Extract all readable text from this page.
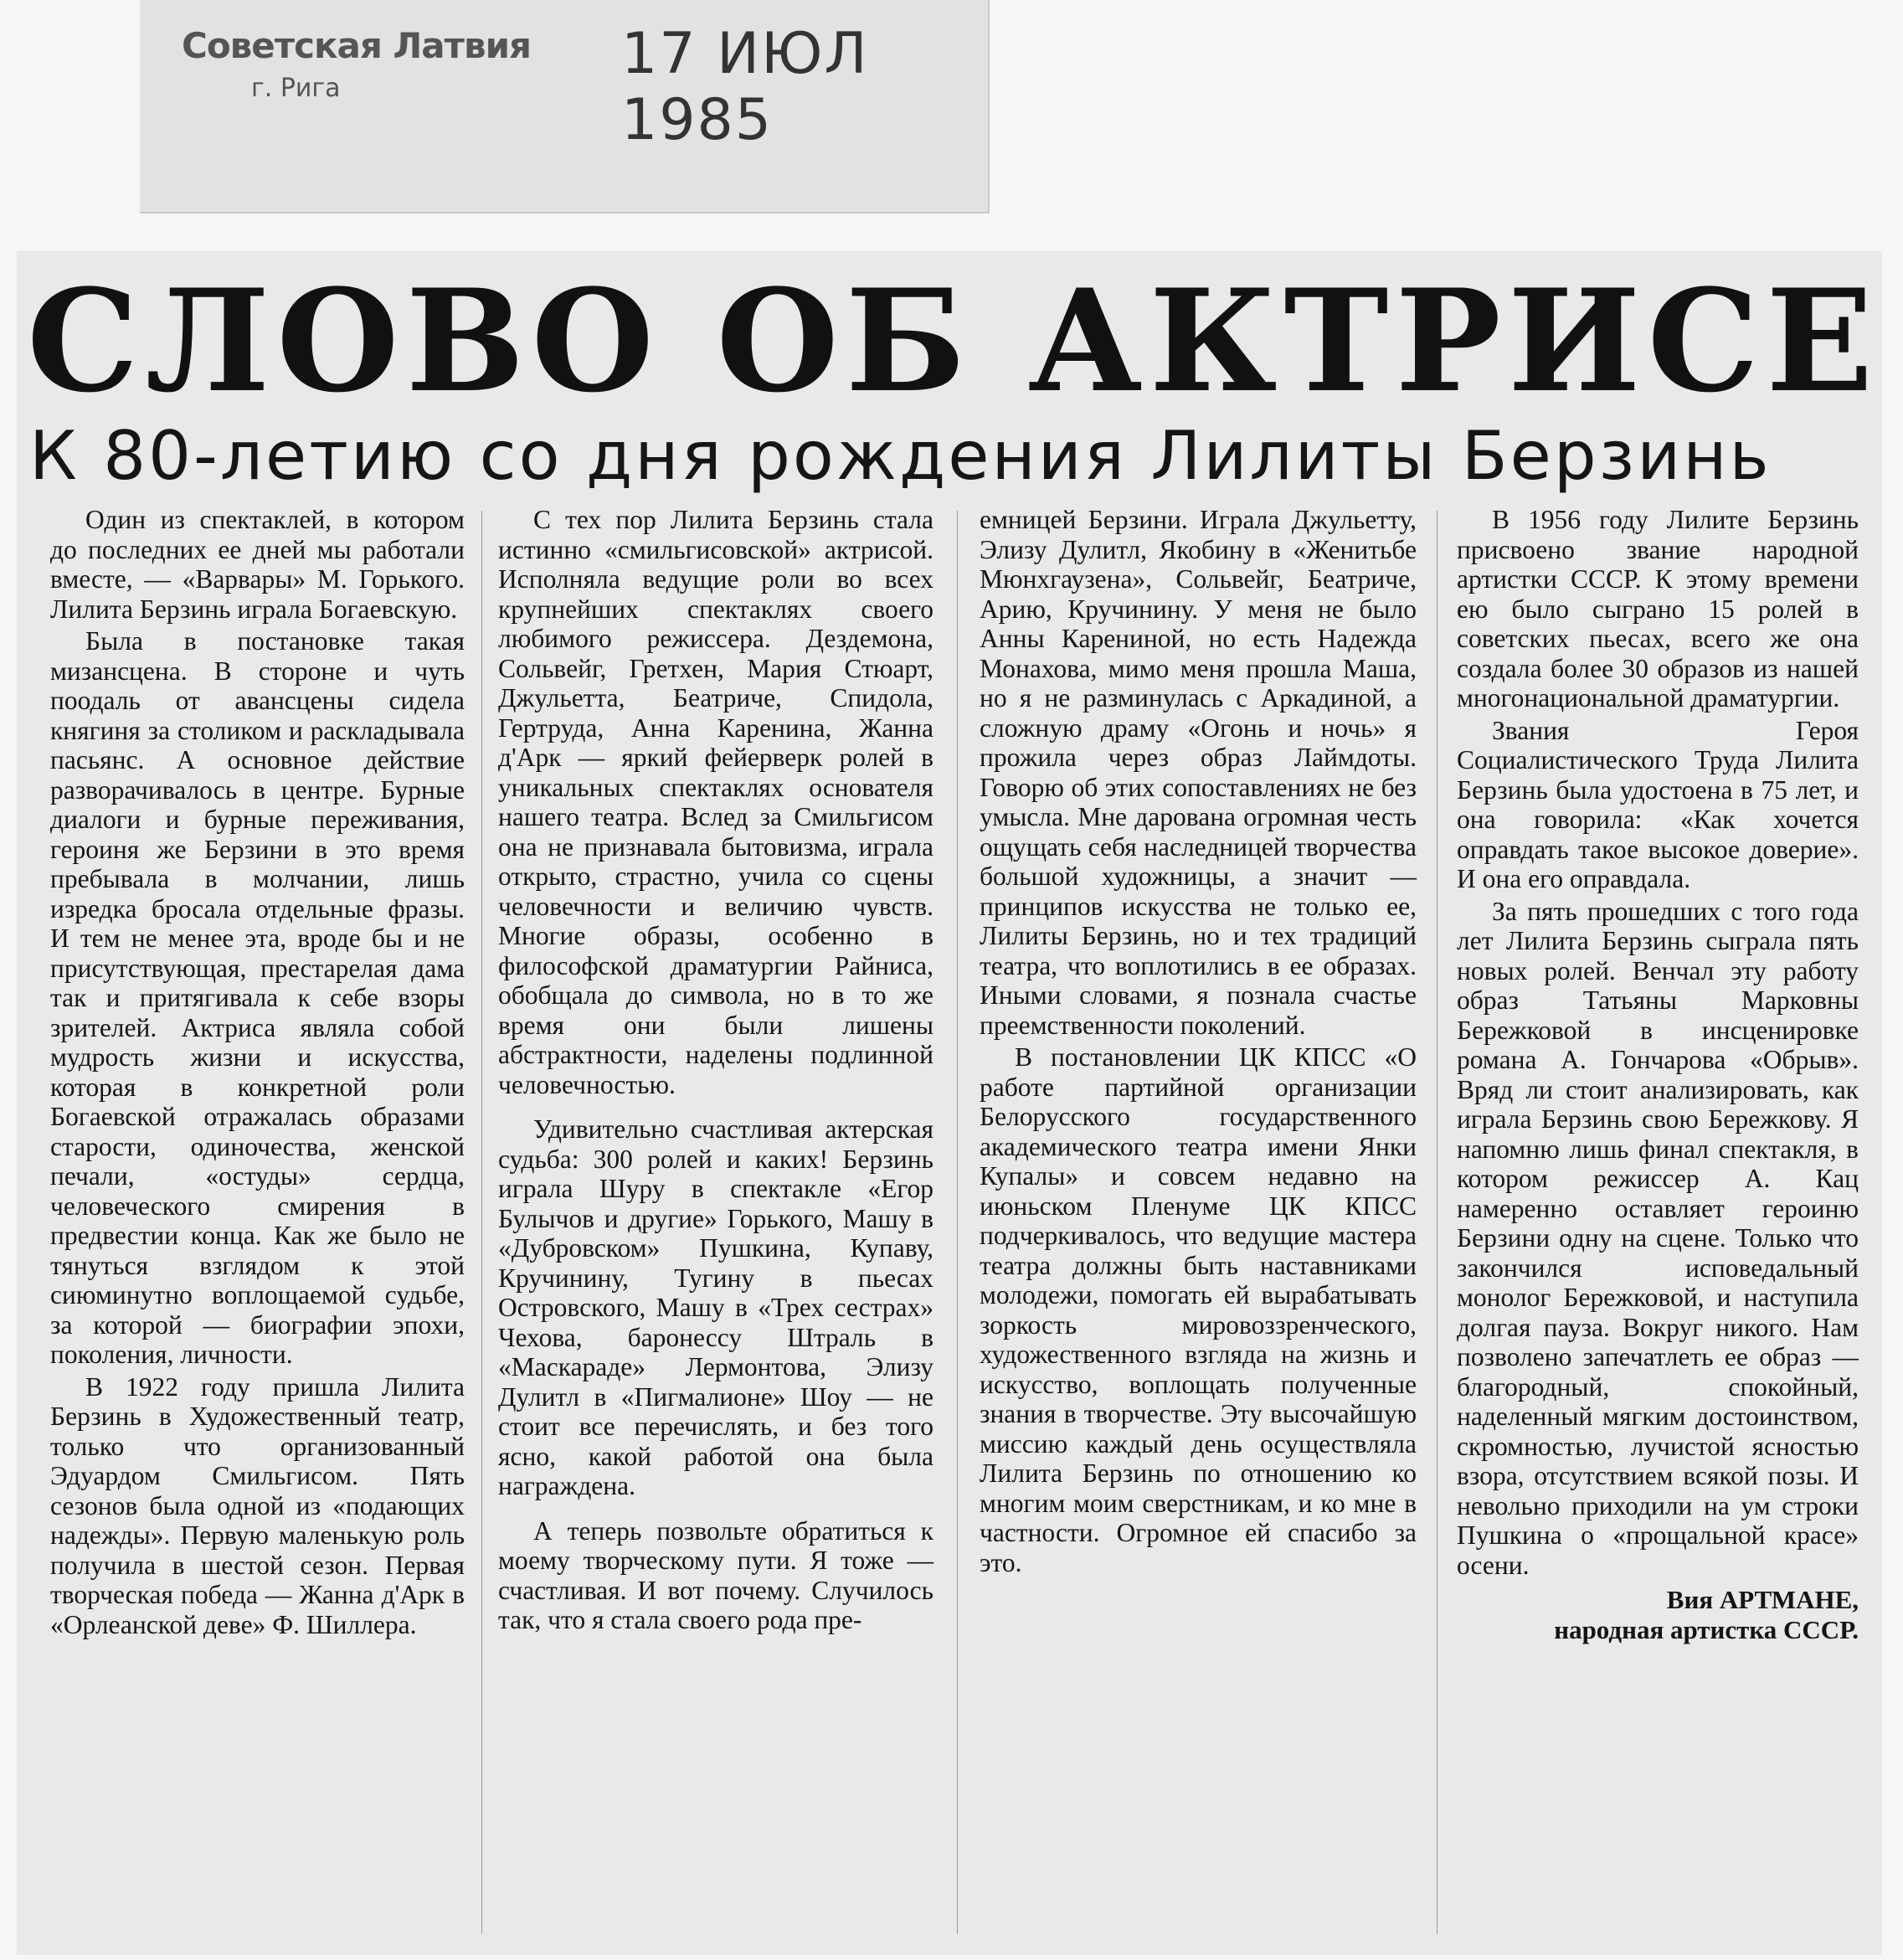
Советская Латвия
г. Рига
17 ИЮЛ 1985
СЛОВО ОБ АКТРИСЕ
К 80-летию со дня рождения Лилиты Берзинь

Один из спектаклей, в котором до последних ее дней мы работали вместе, — «Варвары» М. Горького. Лилита Берзинь играла Богаевскую.

Была в постановке такая мизансцена. В стороне и чуть поодаль от авансцены сидела княгиня за столиком и раскладывала пасьянс. А основное действие разворачивалось в центре. Бурные диалоги и бурные переживания, героиня же Берзини в это время пребывала в молчании, лишь изредка бросала отдельные фразы. И тем не менее эта, вроде бы и не присутствующая, престарелая дама так и притягивала к себе взоры зрителей. Актриса являла собой мудрость жизни и искусства, которая в конкретной роли Богаевской отражалась образами старости, одиночества, женской печали, «остуды» сердца, человеческого смирения в предвестии конца. Как же было не тянуться взглядом к этой сиюминутно воплощаемой судьбе, за которой — биографии эпохи, поколения, личности.

В 1922 году пришла Лилита Берзинь в Художественный театр, только что организованный Эдуардом Смильгисом. Пять сезонов была одной из «подающих надежды». Первую маленькую роль получила в шестой сезон. Первая творческая победа — Жанна д'Арк в «Орлеанской деве» Ф. Шиллера.

С тех пор Лилита Берзинь стала истинно «смильгисовской» актрисой. Исполняла ведущие роли во всех крупнейших спектаклях своего любимого режиссера. Дездемона, Сольвейг, Гретхен, Мария Стюарт, Джульетта, Беатриче, Спидола, Гертруда, Анна Каренина, Жанна д'Арк — яркий фейерверк ролей в уникальных спектаклях основателя нашего театра. Вслед за Смильгисом она не признавала бытовизма, играла открыто, страстно, учила со сцены человечности и величию чувств. Многие образы, особенно в философской драматургии Райниса, обобщала до символа, но в то же время они были лишены абстрактности, наделены подлинной человечностью.

Удивительно счастливая актерская судьба: 300 ролей и каких! Берзинь играла Шуру в спектакле «Егор Булычов и другие» Горького, Машу в «Дубровском» Пушкина, Купаву, Кручинину, Тугину в пьесах Островского, Машу в «Трех сестрах» Чехова, баронессу Штраль в «Маскараде» Лермонтова, Элизу Дулитл в «Пигмалионе» Шоу — не стоит все перечислять, и без того ясно, какой работой она была награждена.

А теперь позвольте обратиться к моему творческому пути. Я тоже — счастливая. И вот почему. Случилось так, что я стала своего рода пре-

емницей Берзини. Играла Джульетту, Элизу Дулитл, Якобину в «Женитьбе Мюнхгаузена», Сольвейг, Беатриче, Арию, Кручинину. У меня не было Анны Карениной, но есть Надежда Монахова, мимо меня прошла Маша, но я не разминулась с Аркадиной, а сложную драму «Огонь и ночь» я прожила через образ Лаймдоты. Говорю об этих сопоставлениях не без умысла. Мне дарована огромная честь ощущать себя наследницей творчества большой художницы, а значит — принципов искусства не только ее, Лилиты Берзинь, но и тех традиций театра, что воплотились в ее образах. Иными словами, я познала счастье преемственности поколений.

В постановлении ЦК КПСС «О работе партийной организации Белорусского государственного академического театра имени Янки Купалы» и совсем недавно на июньском Пленуме ЦК КПСС подчеркивалось, что ведущие мастера театра должны быть наставниками молодежи, помогать ей вырабатывать зоркость мировоззренческого, художественного взгляда на жизнь и искусство, воплощать полученные знания в творчестве. Эту высочайшую миссию каждый день осуществляла Лилита Берзинь по отношению ко многим моим сверстникам, и ко мне в частности. Огромное ей спасибо за это.

В 1956 году Лилите Берзинь присвоено звание народной артистки СССР. К этому времени ею было сыграно 15 ролей в советских пьесах, всего же она создала более 30 образов из нашей многонациональной драматургии.

Звания Героя Социалистического Труда Лилита Берзинь была удостоена в 75 лет, и она говорила: «Как хочется оправдать такое высокое доверие». И она его оправдала.

За пять прошедших с того года лет Лилита Берзинь сыграла пять новых ролей. Венчал эту работу образ Татьяны Марковны Бережковой в инсценировке романа А. Гончарова «Обрыв». Вряд ли стоит анализировать, как играла Берзинь свою Бережкову. Я напомню лишь финал спектакля, в котором режиссер А. Кац намеренно оставляет героиню Берзини одну на сцене. Только что закончился исповедальный монолог Бережковой, и наступила долгая пауза. Вокруг никого. Нам позволено запечатлеть ее образ — благородный, спокойный, наделенный мягким достоинством, скромностью, лучистой ясностью взора, отсутствием всякой позы. И невольно приходили на ум строки Пушкина о «прощальной красе» осени.

Вия АРТМАНЕ,
народная артистка СССР.
